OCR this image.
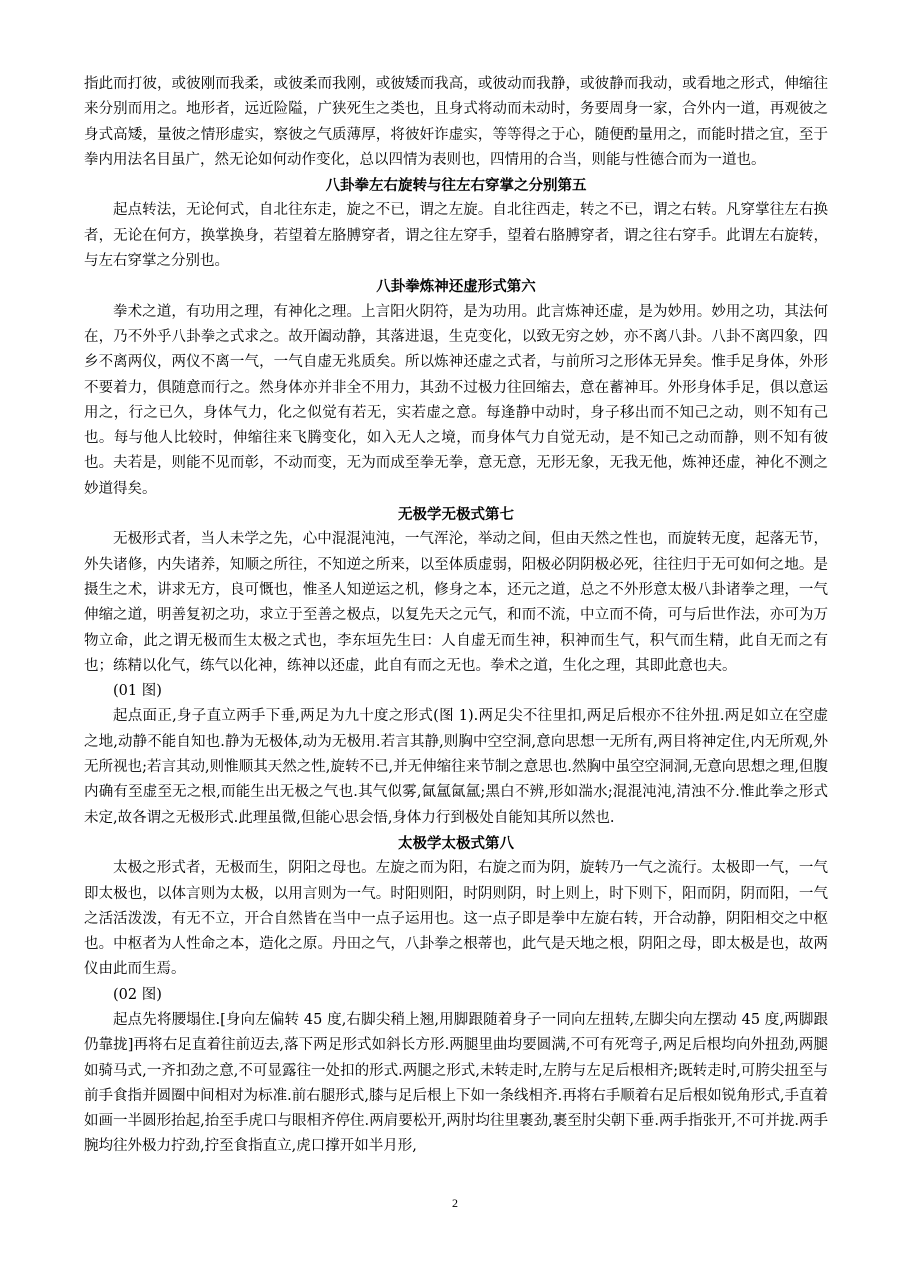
指此而打彼，或彼刚而我柔，或彼柔而我刚，或彼矮而我高，或彼动而我静，或彼静而我动，或看地之形式，伸缩往来分别而用之。地形者，远近险隘，广狭死生之类也，且身式将动而未动时，务要周身一家，合外内一道，再观彼之身式高矮，量彼之情形虚实，察彼之气质薄厚，将彼奸诈虚实，等等得之于心，随便酌量用之，而能时措之宜，至于拳内用法名目虽广，然无论如何动作变化，总以四情为表则也，四情用的合当，则能与性德合而为一道也。

八卦拳左右旋转与往左右穿掌之分别第五

起点转法，无论何式，自北往东走，旋之不已，谓之左旋。自北往西走，转之不已，谓之右转。凡穿掌往左右换者，无论在何方，换掌换身，若望着左胳膊穿者，谓之往左穿手，望着右胳膊穿者，谓之往右穿手。此谓左右旋转，与左右穿掌之分别也。

八卦拳炼神还虚形式第六

拳术之道，有功用之理，有神化之理。上言阳火阴符，是为功用。此言炼神还虚，是为妙用。妙用之功，其法何在，乃不外乎八卦拳之式求之。故开阖动静，其落进退，生克变化，以致无穷之妙，亦不离八卦。八卦不离四象，四乡不离两仪，两仪不离一气，一气自虚无兆质矣。所以炼神还虚之式者，与前所习之形体无异矣。惟手足身体，外形不要着力，俱随意而行之。然身体亦并非全不用力，其劲不过极力往回缩去，意在蓄神耳。外形身体手足，俱以意运用之，行之已久，身体气力，化之似觉有若无，实若虚之意。每逢静中动时，身子移出而不知己之动，则不知有己也。每与他人比较时，伸缩往来飞腾变化，如入无人之境，而身体气力自觉无动，是不知己之动而静，则不知有彼也。夫若是，则能不见而彰，不动而变，无为而成至拳无拳，意无意，无形无象，无我无他，炼神还虚，神化不测之妙道得矣。

无极学无极式第七

无极形式者，当人未学之先，心中混混沌沌，一气浑沦，举动之间，但由天然之性也，而旋转无度，起落无节，外失诸修，内失诸养，知顺之所往，不知逆之所来，以至体质虚弱，阳极必阴阴极必死，往往归于无可如何之地。是摄生之术，讲求无方，良可慨也，惟圣人知逆运之机，修身之本，还元之道，总之不外形意太极八卦诸拳之理，一气伸缩之道，明善复初之功，求立于至善之极点，以复先天之元气，和而不流，中立而不倚，可与后世作法，亦可为万物立命，此之谓无极而生太极之式也，李东垣先生曰：人自虚无而生神，积神而生气，积气而生精，此自无而之有也；练精以化气，练气以化神，练神以还虚，此自有而之无也。拳术之道，生化之理，其即此意也夫。

(01 图)

起点面正,身子直立两手下垂,两足为九十度之形式(图 1).两足尖不往里扣,两足后根亦不往外扭.两足如立在空虚之地,动静不能自知也.静为无极体,动为无极用.若言其静,则胸中空空洞,意向思想一无所有,两目将神定住,内无所观,外无所视也;若言其动,则惟顺其天然之性,旋转不已,并无伸缩往来节制之意思也.然胸中虽空空洞洞,无意向思想之理,但腹内确有至虚至无之根,而能生出无极之气也.其气似雾,氤氲氤氲;黑白不辨,形如湍水;混混沌沌,清浊不分.惟此拳之形式未定,故各谓之无极形式.此理虽微,但能心思会悟,身体力行到极处自能知其所以然也.

太极学太极式第八

太极之形式者，无极而生，阴阳之母也。左旋之而为阳，右旋之而为阴，旋转乃一气之流行。太极即一气，一气即太极也，以体言则为太极，以用言则为一气。时阳则阳，时阴则阴，时上则上，时下则下，阳而阴，阴而阳，一气之活活泼泼，有无不立，开合自然皆在当中一点子运用也。这一点子即是拳中左旋右转，开合动静，阴阳相交之中枢也。中枢者为人性命之本，造化之原。丹田之气，八卦拳之根蒂也，此气是天地之根，阴阳之母，即太极是也，故两仪由此而生焉。

(02 图)

起点先将腰塌住.[身向左偏转 45 度,右脚尖稍上翘,用脚跟随着身子一同向左扭转,左脚尖向左摆动 45 度,两脚跟仍靠拢]再将右足直着往前迈去,落下两足形式如斜长方形.两腿里曲均要圆满,不可有死弯子,两足后根均向外扭劲,两腿如骑马式,一齐扣劲之意,不可显露往一处扣的形式.两腿之形式,未转走时,左胯与左足后根相齐;既转走时,可胯尖扭至与前手食指并圆圈中间相对为标准.前右腿形式,膝与足后根上下如一条线相齐.再将右手顺着右足后根如锐角形式,手直着如画一半圆形抬起,抬至手虎口与眼相齐停住.两肩要松开,两肘均往里裹劲,裹至肘尖朝下垂.两手指张开,不可并拢.两手腕均往外极力拧劲,拧至食指直立,虎口撑开如半月形,

2
